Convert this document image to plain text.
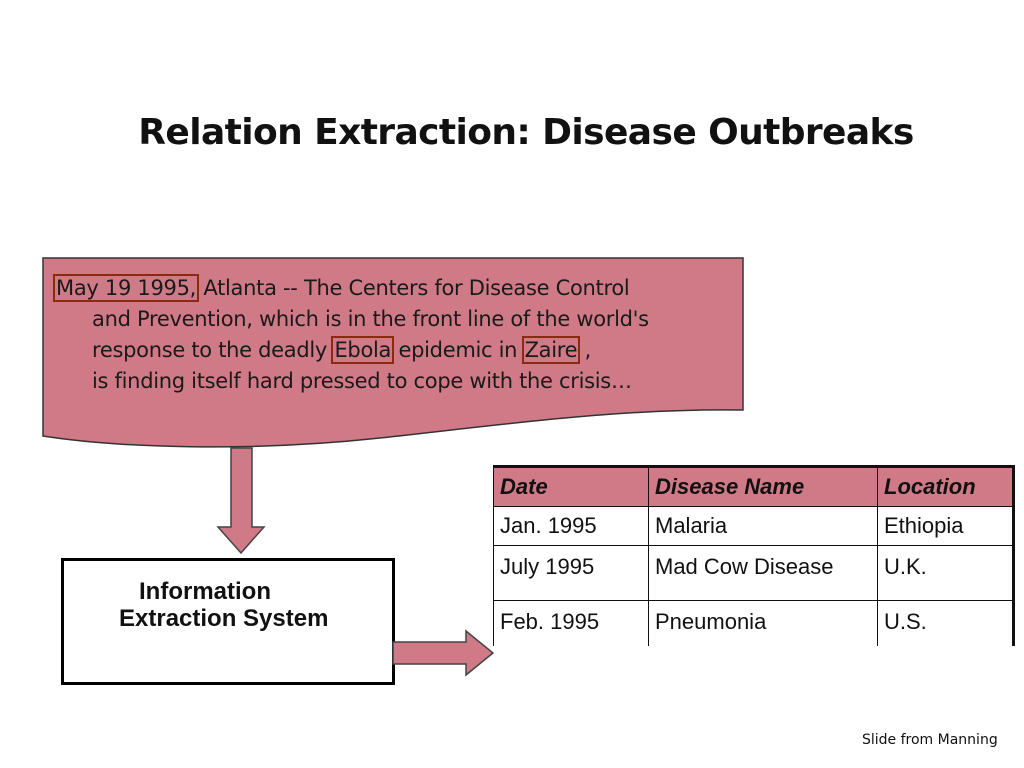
Relation Extraction: Disease Outbreaks
May 19 1995, Atlanta -- The Centers for Disease Control
and Prevention, which is in the front line of the world's
response to the deadly Ebola epidemic in Zaire ,
is finding itself hard pressed to cope with the crisis…
Information
Extraction System
Date	Disease Name	Location
Jan. 1995	Malaria	Ethiopia
July 1995	Mad Cow Disease	U.K.
Feb. 1995	Pneumonia	U.S.
Slide from Manning
